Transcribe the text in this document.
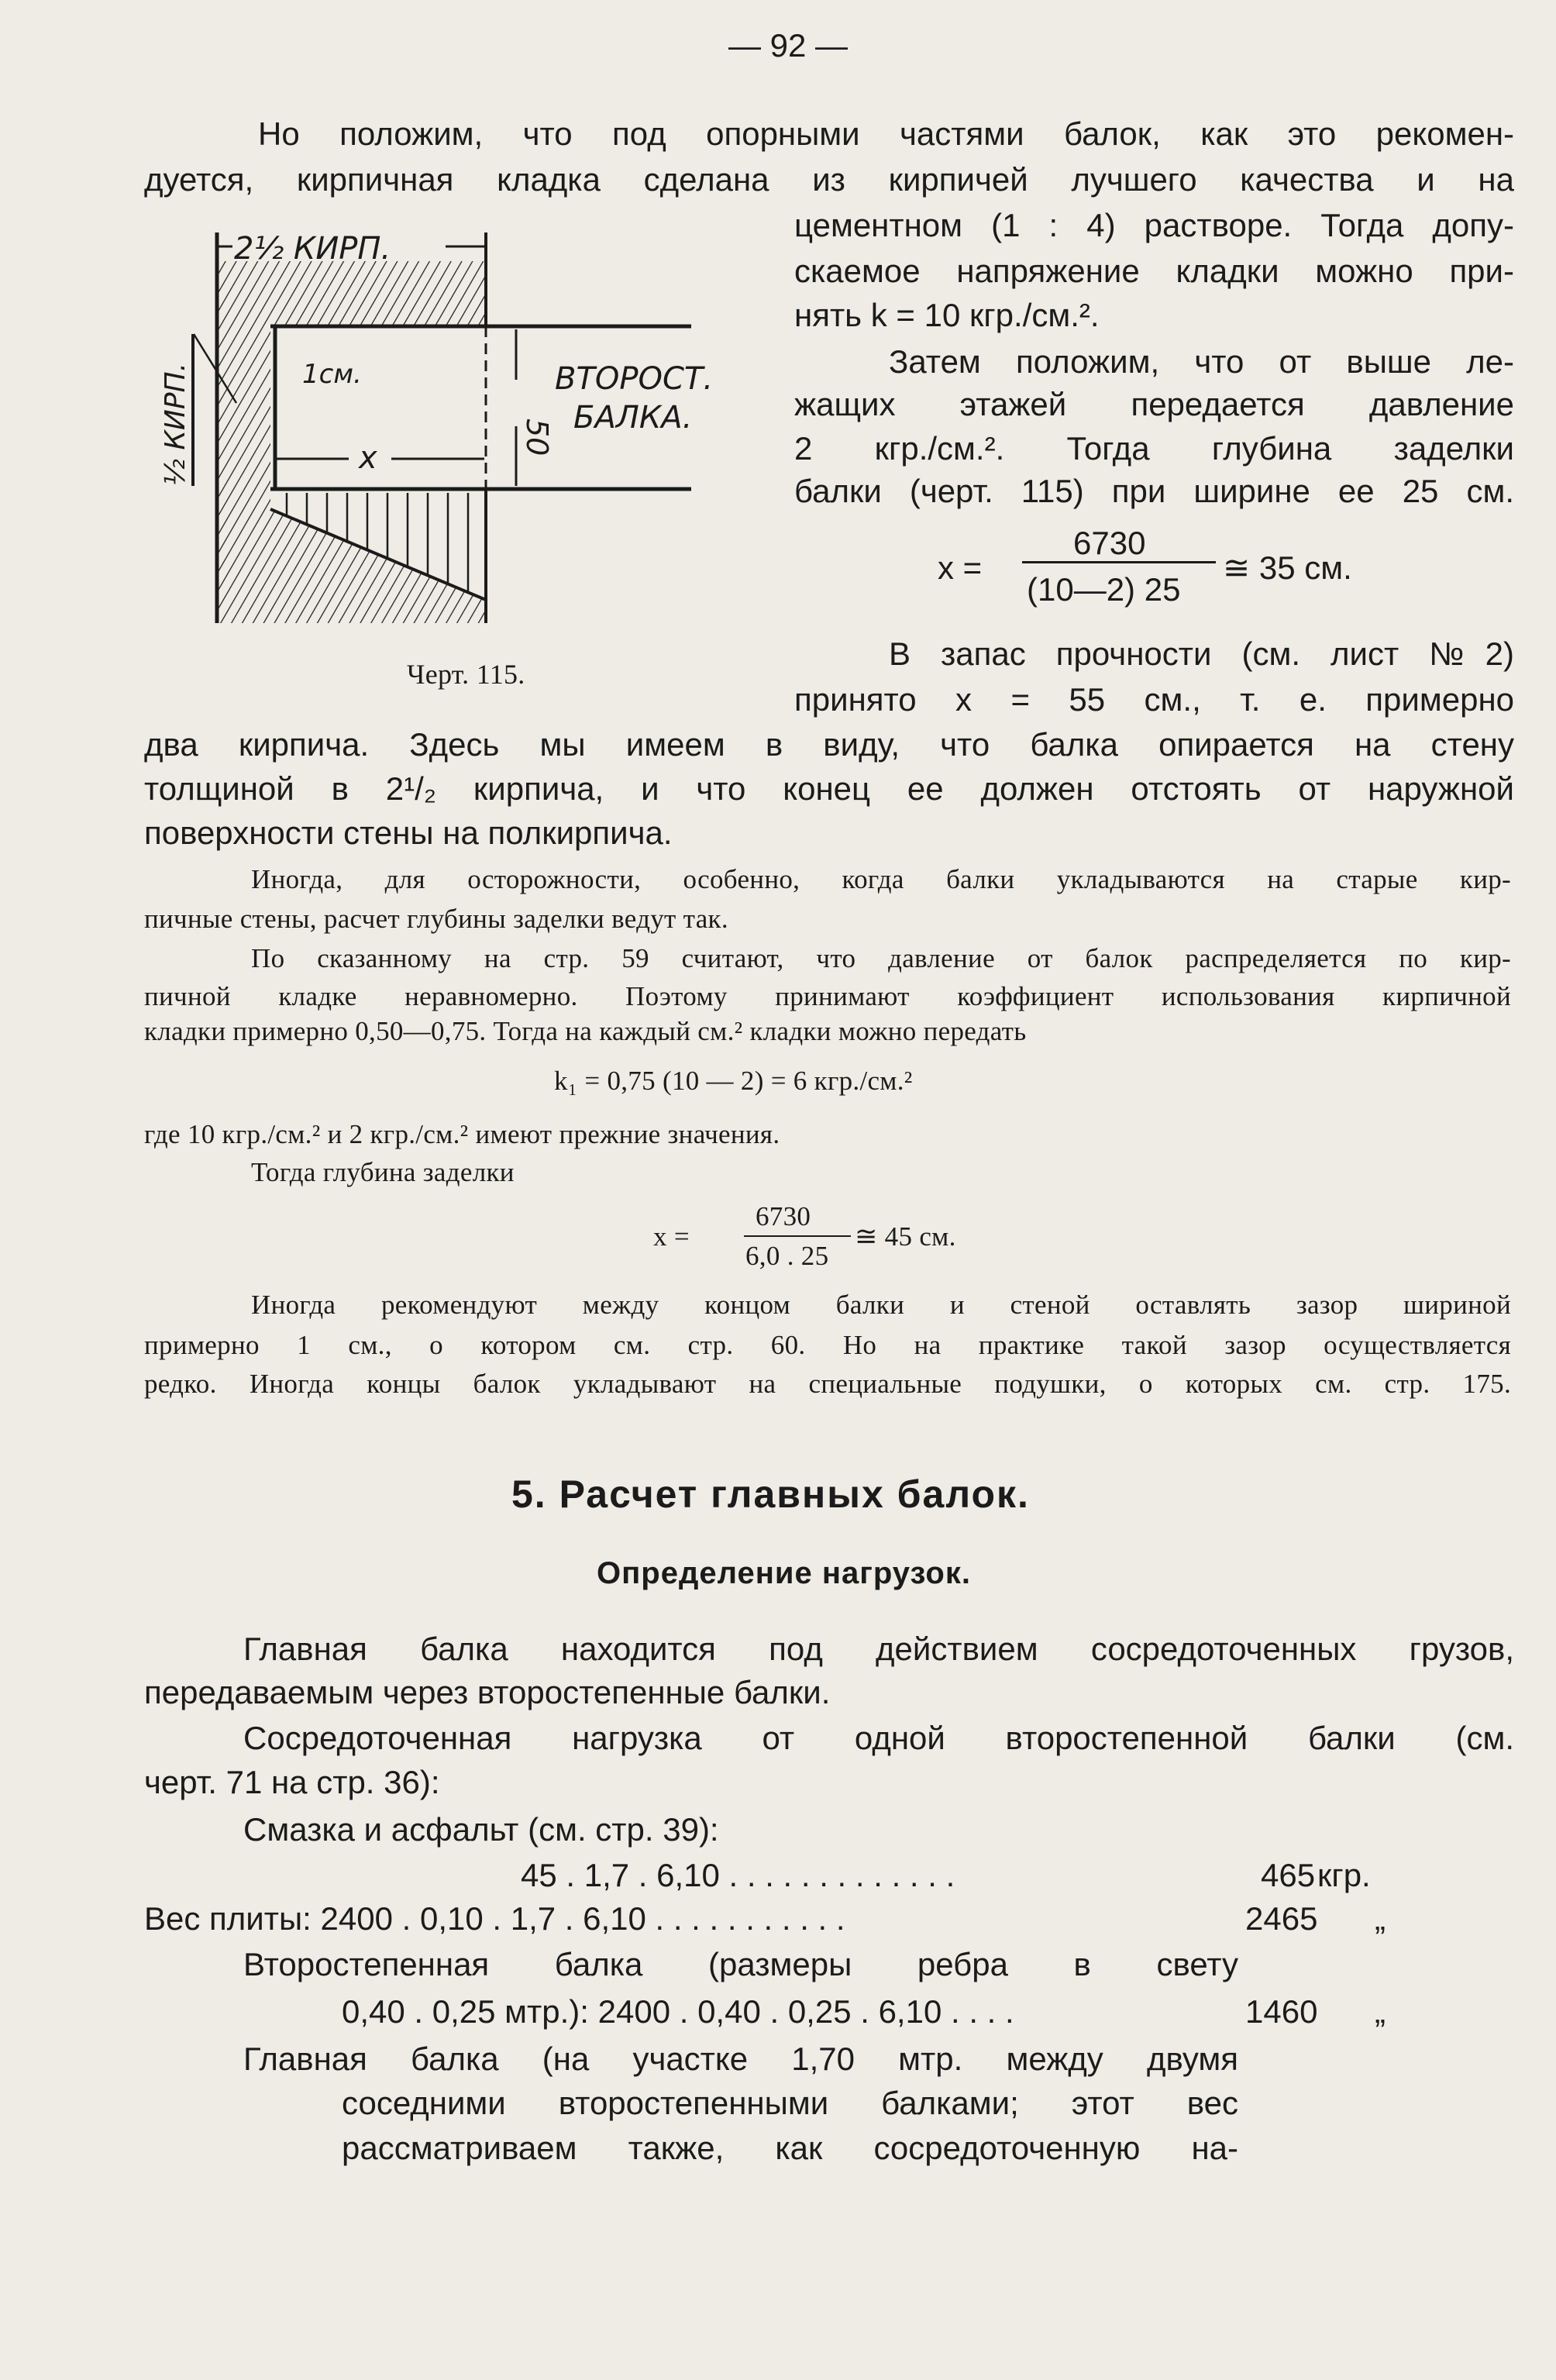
— 92 —
2½ КИРП.
½ КИРП.	1см.
x
50
ВТОРОСТ.
БАЛКА.
Черт. 115.
Но положим, что под опорными частями балок, как это рекомен-
дуется, кирпичная кладка сделана из кирпичей лучшего качества и на
цементном (1 : 4) растворе. Тогда допу-
скаемое напряжение кладки можно при-
нять k = 10 кгр./см.².
Затем положим, что от выше ле-
жащих этажей передается давление
2 кгр./см.². Тогда глубина заделки
балки (черт. 115) при ширине ее 25 см.
x =
6730
(10—2) 25
≅ 35 см.
В запас прочности (см. лист №2)
принято x = 55 см., т. е. примерно
два кирпича. Здесь мы имеем в виду, что балка опирается на стену
толщиной в 2¹/₂ кирпича, и что конец ее должен отстоять от наружной
поверхности стены на полкирпича.
Иногда, для осторожности, особенно, когда балки укладываются на старые кир-
пичные стены, расчет глубины заделки ведут так.
По сказанному на стр. 59 считают, что давление от балок распределяется по кир-
пичной кладке неравномерно. Поэтому принимают коэффициент использования кирпичной
кладки примерно 0,50—0,75. Тогда на каждый см.² кладки можно передать
k₁ = 0,75 (10 — 2) = 6 кгр./см.²
где 10 кгр./см.² и 2 кгр./см.² имеют прежние значения.
Тогда глубина заделки
x =
6730
6,0 . 25
≅ 45 см.
Иногда рекомендуют между концом балки и стеной оставлять зазор шириной
примерно 1 см., о котором см. стр. 60. Но на практике такой зазор осуществляется
редко. Иногда концы балок укладывают на специальные подушки, о которых см. стр. 175.
5. Расчет главных балок.
Определение нагрузок.
Главная балка находится под действием сосредоточенных грузов,
передаваемым через второстепенные балки.
Сосредоточенная нагрузка от одной второстепенной балки (см.
черт. 71 на стр. 36):
Смазка и асфальт (см. стр. 39):
45 . 1,7 . 6,10 . . . . . . . . . . . . .	465 кгр.
Вес плиты: 2400 . 0,10 . 1,7 . 6,10 . . . . . . . . . . .	2465 „
Второстепенная балка (размеры ребра в свету
0,40 . 0,25 мтр.): 2400 . 0,40 . 0,25 . 6,10 . . . .	1460 „
Главная балка (на участке 1,70 мтр. между двумя
соседними второстепенными балками; этот вес
рассматриваем также, как сосредоточенную на-
